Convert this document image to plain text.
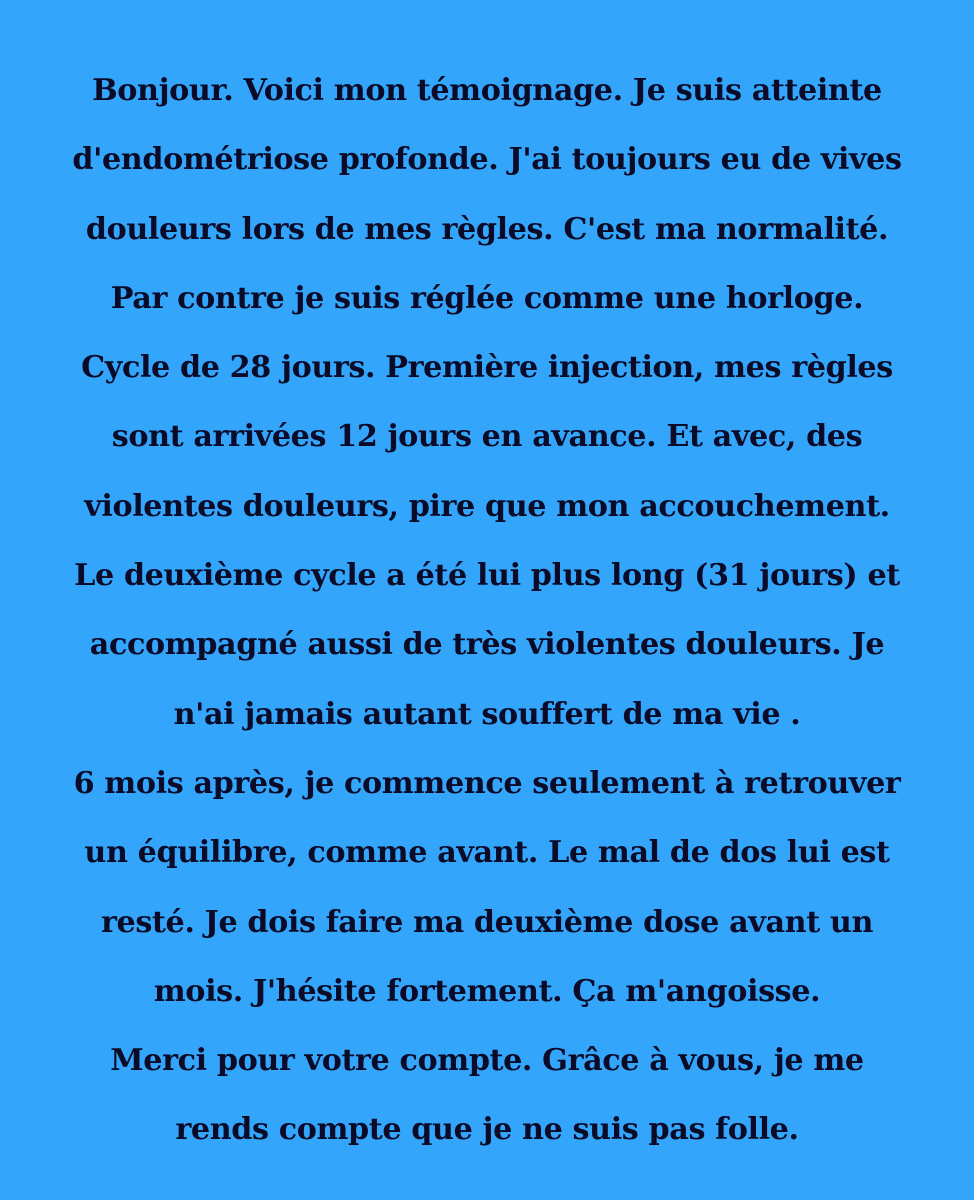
Bonjour. Voici mon témoignage. Je suis atteinte
d'endométriose profonde. J'ai toujours eu de vives
douleurs lors de mes règles. C'est ma normalité.
Par contre je suis réglée comme une horloge.
Cycle de 28 jours. Première injection, mes règles
sont arrivées 12 jours en avance. Et avec, des
violentes douleurs, pire que mon accouchement.
Le deuxième cycle a été lui plus long (31 jours) et
accompagné aussi de très violentes douleurs. Je
n'ai jamais autant souffert de ma vie .
6 mois après, je commence seulement à retrouver
un équilibre, comme avant. Le mal de dos lui est
resté. Je dois faire ma deuxième dose avant un
mois. J'hésite fortement. Ça m'angoisse.
Merci pour votre compte. Grâce à vous, je me
rends compte que je ne suis pas folle.
